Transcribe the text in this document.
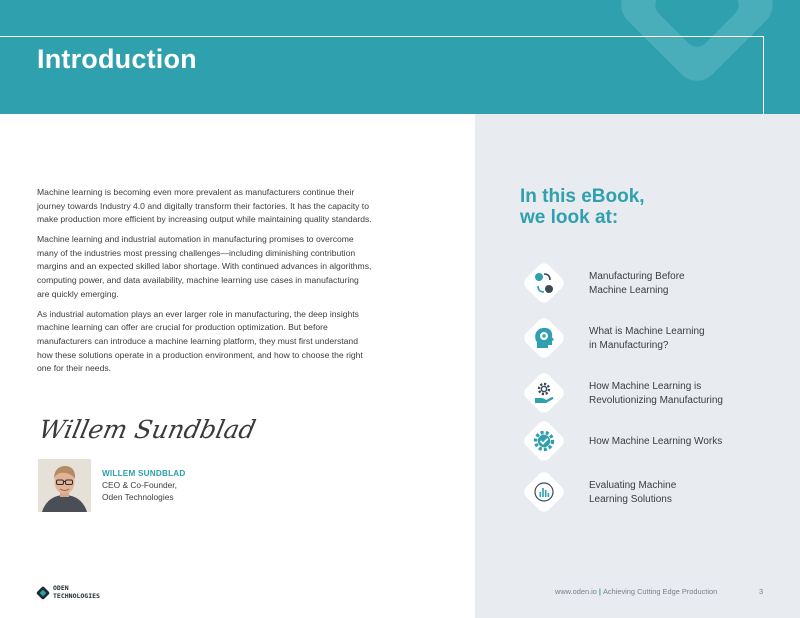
Introduction

Machine learning is becoming even more prevalent as manufacturers continue their journey towards Industry 4.0 and digitally transform their factories. It has the capacity to make production more efficient by increasing output while maintaining quality standards.

Machine learning and industrial automation in manufacturing promises to overcome many of the industries most pressing challenges—including diminishing contribution margins and an expected skilled labor shortage. With continued advances in algorithms, computing power, and data availability, machine learning use cases in manufacturing are quickly emerging.

As industrial automation plays an ever larger role in manufacturing, the deep insights machine learning can offer are crucial for production optimization. But before manufacturers can introduce a machine learning platform, they must first understand how these solutions operate in a production environment, and how to choose the right one for their needs.

Willem Sundblad
WILLEM SUNDBLAD
CEO & Co-Founder,
Oden Technologies
In this eBook,
we look at:
Manufacturing Before
Machine Learning
What is Machine Learning
in Manufacturing?
How Machine Learning is
Revolutionizing Manufacturing
How Machine Learning Works
Evaluating Machine
Learning Solutions
ODEN
TECHNOLOGIES	www.oden.io | Achieving Cutting Edge Production	3
